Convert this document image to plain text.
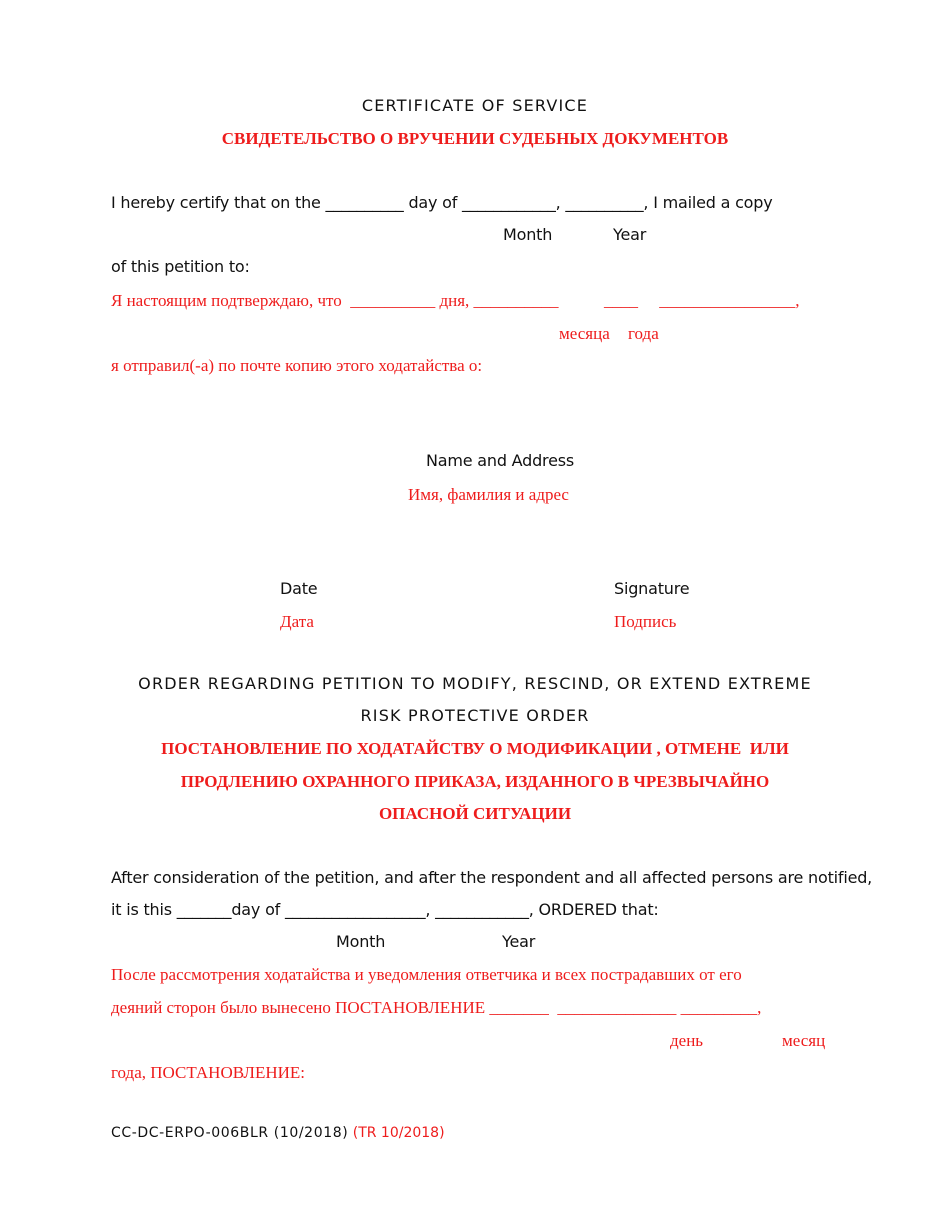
CERTIFICATE OF SERVICE
СВИДЕТЕЛЬСТВО О ВРУЧЕНИИ СУДЕБНЫХ ДОКУМЕНТОВ
I hereby certify that on the __________ day of ____________, __________, I mailed a copy
Month	Year
of this petition to:
Я настоящим подтверждаю, что  __________ дня, __________	____     ________________,
месяца года
я отправил(-а) по почте копию этого ходатайства о:
______________________________________________________________________
______________________________________________________________________
Name and Address
Имя, фамилия и адрес
___________________________________	__________________________________
Date	Signature
Дата	Подпись
ORDER REGARDING PETITION TO MODIFY, RESCIND, OR EXTEND EXTREME
RISK PROTECTIVE ORDER
ПОСТАНОВЛЕНИЕ ПО ХОДАТАЙСТВУ О МОДИФИКАЦИИ , ОТМЕНЕ  ИЛИ
ПРОДЛЕНИЮ ОХРАННОГО ПРИКАЗА, ИЗДАННОГО В ЧРЕЗВЫЧАЙНО
ОПАСНОЙ СИТУАЦИИ
After consideration of the petition, and after the respondent and all affected persons are notified,
it is this _______day of __________________, ____________, ORDERED that:
Month	Year
После рассмотрения ходатайства и уведомления ответчика и всех пострадавших от его
деяний сторон было вынесено ПОСТАНОВЛЕНИЕ _______  ______________ _________,
день	месяц
года, ПОСТАНОВЛЕНИЕ:
CC-DC-ERPO-006BLR (10/2018) (TR 10/2018)
